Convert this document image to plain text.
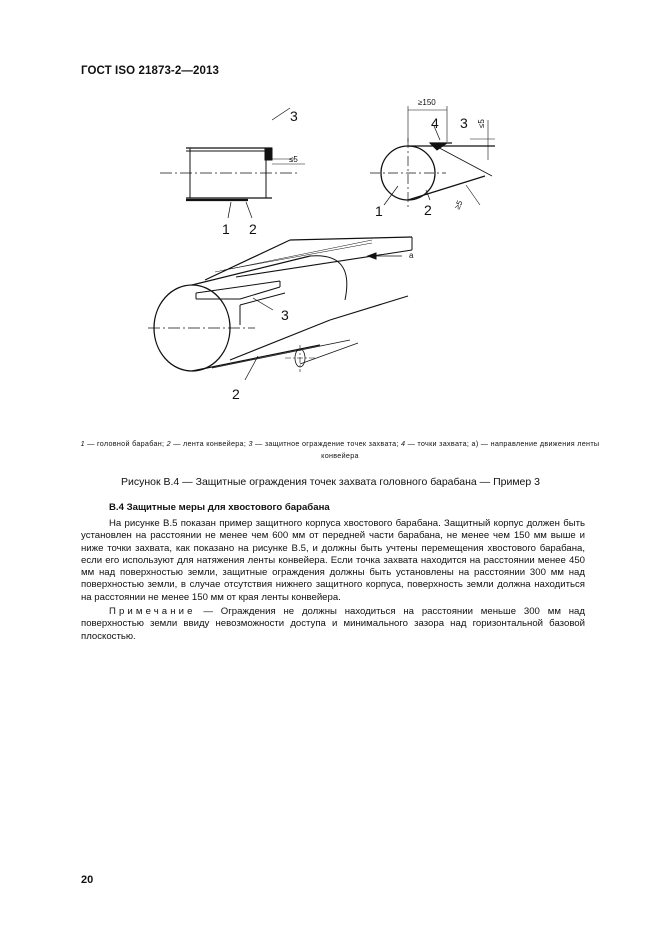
ГОСТ ISO 21873-2—2013
3
1 2
4 3
1	2
3
2
≤5
≥150
≤5
≥5
a
1 — головной барабан; 2 — лента конвейера; 3 — защитное ограждение точек захвата; 4 — точки захвата; a) — направление движения ленты конвейера
Рисунок В.4 — Защитные ограждения точек захвата головного барабана — Пример 3
В.4 Защитные меры для хвостового барабана

На рисунке В.5 показан пример защитного корпуса хвостового барабана. Защитный корпус должен быть установлен на расстоянии не менее чем 600 мм от передней части барабана, не менее чем 150 мм выше и ниже точки захвата, как показано на рисунке В.5, и должны быть учтены перемещения хвостового барабана, если его используют для натяжения ленты конвейера. Если точка захвата находится на расстоянии менее 450 мм над поверхностью земли, защитные ограждения должны быть установлены на расстоянии 300 мм над поверхностью земли, в случае отсутствия нижнего защитного корпуса, поверхность земли должна находиться на расстоянии не менее 150 мм от края ленты конвейера.

Примечание — Ограждения не должны находиться на расстоянии меньше 300 мм над поверхностью земли ввиду невозможности доступа и минимального зазора над горизонтальной базовой плоскостью.

20
